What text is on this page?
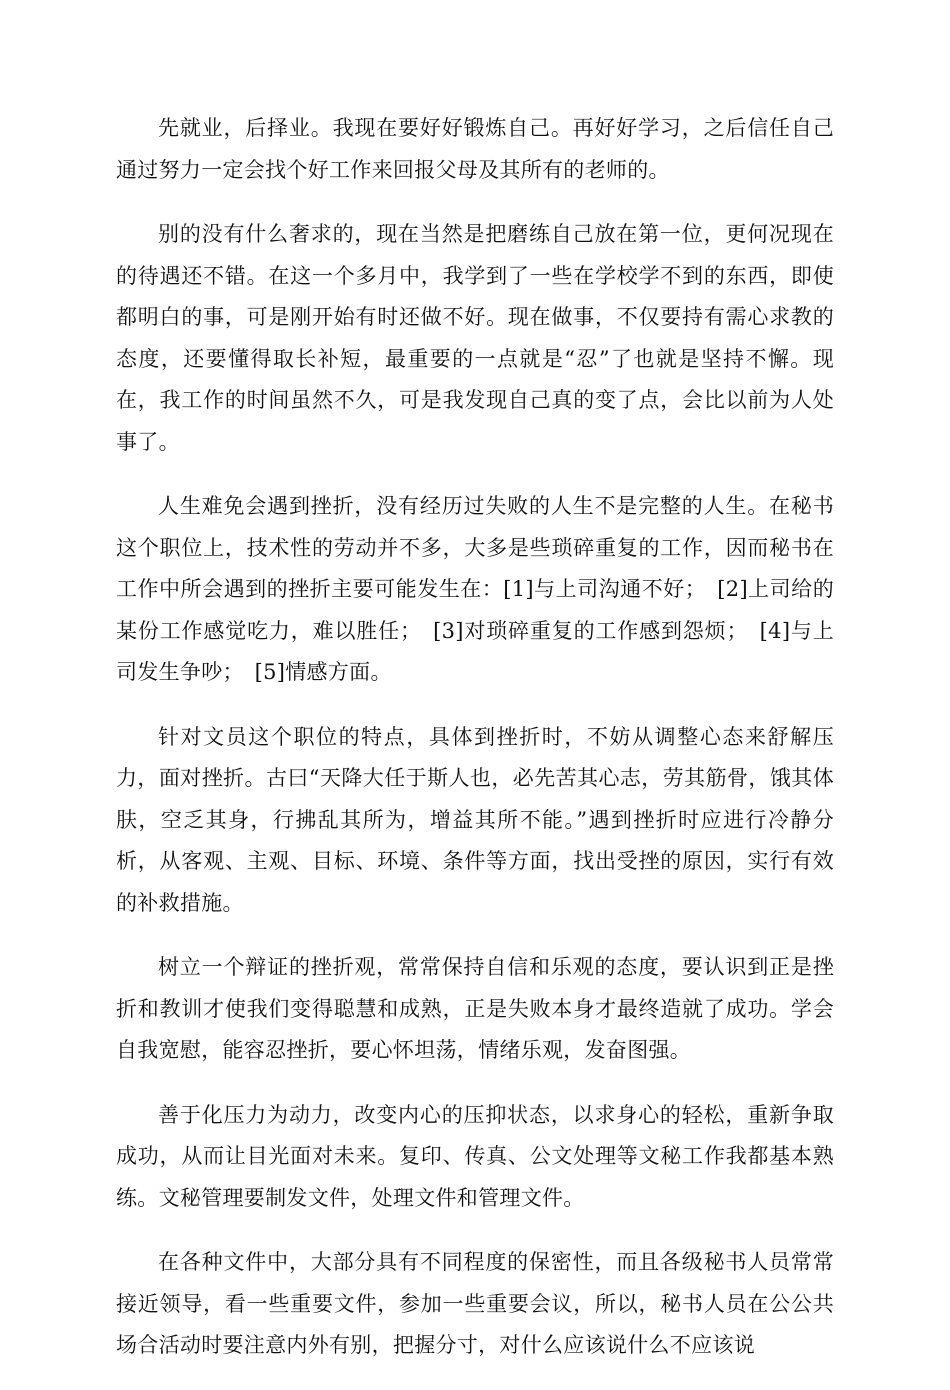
先就业，后择业。我现在要好好锻炼自己。再好好学习，之后信任自己通过努力一定会找个好工作来回报父母及其所有的老师的。

别的没有什么奢求的，现在当然是把磨练自己放在第一位，更何况现在的待遇还不错。在这一个多月中，我学到了一些在学校学不到的东西，即使都明白的事，可是刚开始有时还做不好。现在做事，不仅要持有需心求教的态度，还要懂得取长补短，最重要的一点就是“忍”了也就是坚持不懈。现在，我工作的时间虽然不久，可是我发现自己真的变了点，会比以前为人处事了。

人生难免会遇到挫折，没有经历过失败的人生不是完整的人生。在秘书这个职位上，技术性的劳动并不多，大多是些琐碎重复的工作，因而秘书在工作中所会遇到的挫折主要可能发生在：[1]与上司沟通不好；　[2]上司给的某份工作感觉吃力，难以胜任；　[3]对琐碎重复的工作感到怨烦；　[4]与上司发生争吵；　[5]情感方面。

针对文员这个职位的特点，具体到挫折时，不妨从调整心态来舒解压力，面对挫折。古曰“天降大任于斯人也，必先苦其心志，劳其筋骨，饿其体肤，空乏其身，行拂乱其所为，增益其所不能。”遇到挫折时应进行冷静分析，从客观、主观、目标、环境、条件等方面，找出受挫的原因，实行有效的补救措施。

树立一个辩证的挫折观，常常保持自信和乐观的态度，要认识到正是挫折和教训才使我们变得聪慧和成熟，正是失败本身才最终造就了成功。学会自我宽慰，能容忍挫折，要心怀坦荡，情绪乐观，发奋图强。

善于化压力为动力，改变内心的压抑状态，以求身心的轻松，重新争取成功，从而让目光面对未来。复印、传真、公文处理等文秘工作我都基本熟练。文秘管理要制发文件，处理文件和管理文件。

在各种文件中，大部分具有不同程度的保密性，而且各级秘书人员常常接近领导，看一些重要文件，参加一些重要会议，所以，秘书人员在公公共场合活动时要注意内外有别，把握分寸，对什么应该说什么不应该说
